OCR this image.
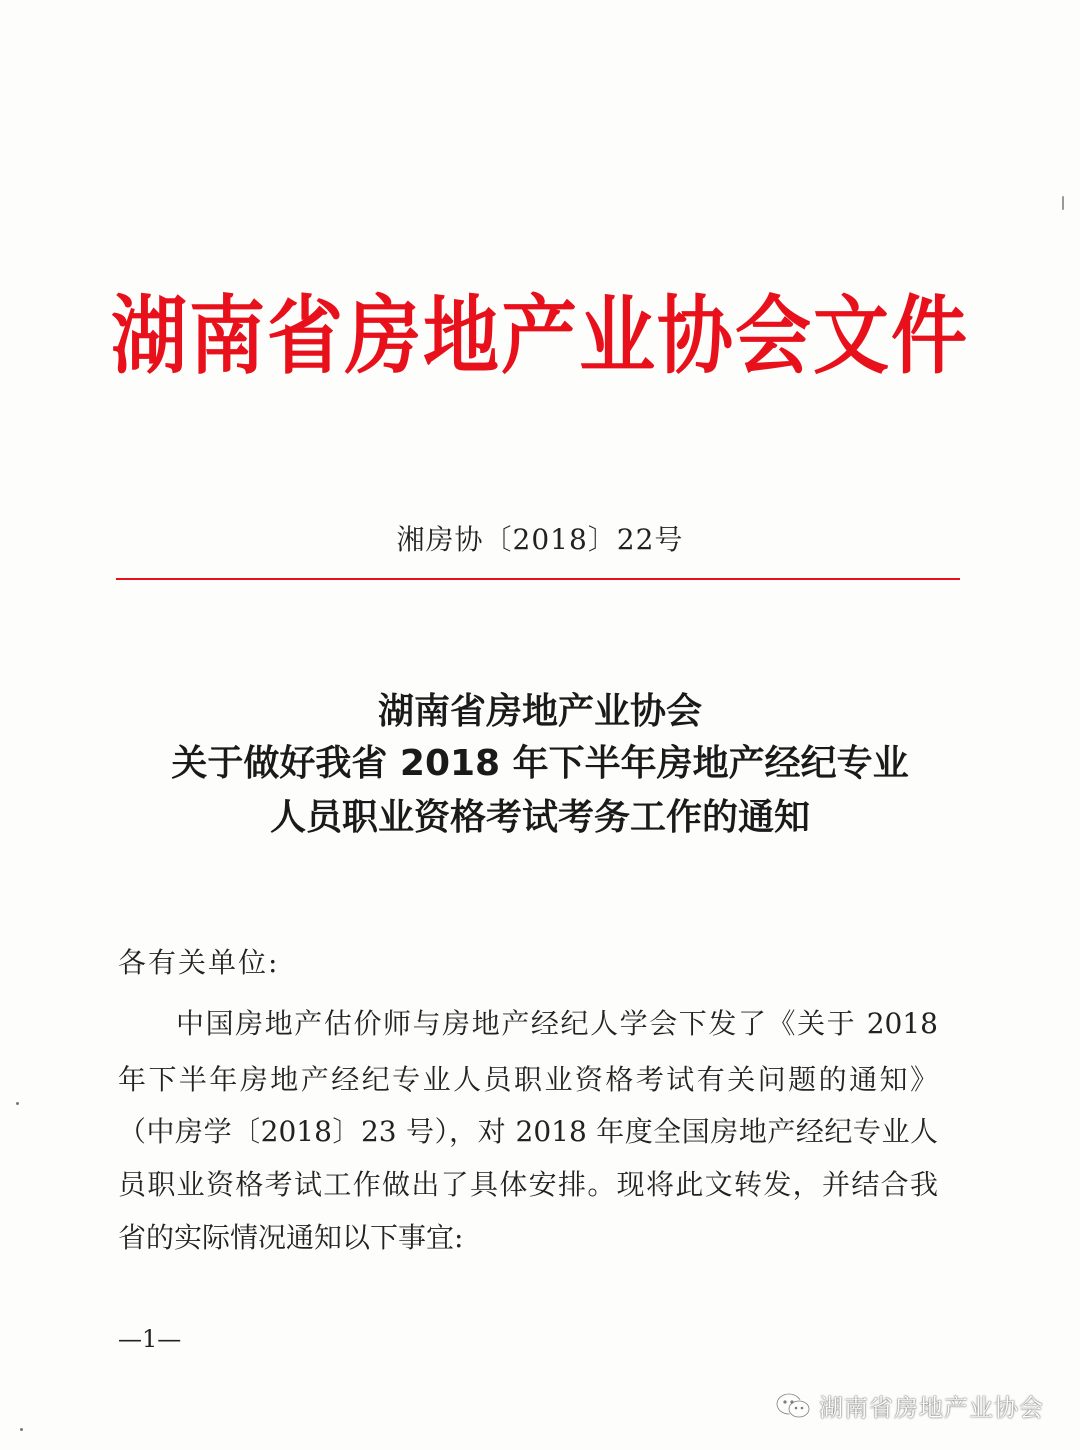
湖南省房地产业协会文件
湘房协〔2018〕22号
湖南省房地产业协会
关于做好我省 2018 年下半年房地产经纪专业
人员职业资格考试考务工作的通知
各有关单位:
中国房地产估价师与房地产经纪人学会下发了《关于 2018
年下半年房地产经纪专业人员职业资格考试有关问题的通知》
（中房学〔2018〕23 号），对 2018 年度全国房地产经纪专业人
员职业资格考试工作做出了具体安排。现将此文转发，并结合我
省的实际情况通知以下事宜:
—1—
湖南省房地产业协会
